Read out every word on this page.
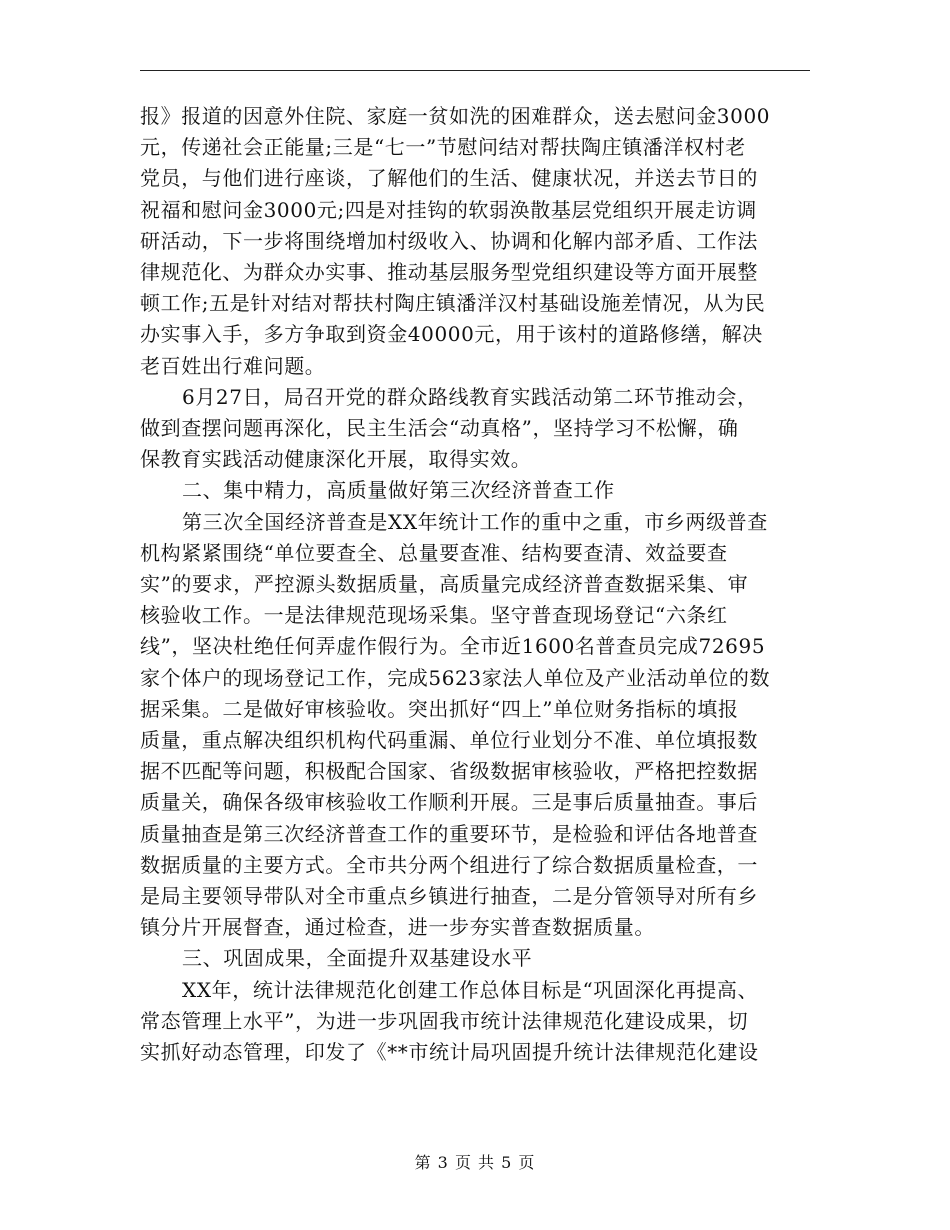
报》报道的因意外住院、家庭一贫如洗的困难群众，送去慰问金3000
元，传递社会正能量;三是“七一”节慰问结对帮扶陶庄镇潘洋权村老
党员，与他们进行座谈，了解他们的生活、健康状况，并送去节日的
祝福和慰问金3000元;四是对挂钩的软弱涣散基层党组织开展走访调
研活动，下一步将围绕增加村级收入、协调和化解内部矛盾、工作法
律规范化、为群众办实事、推动基层服务型党组织建设等方面开展整
顿工作;五是针对结对帮扶村陶庄镇潘洋汉村基础设施差情况，从为民
办实事入手，多方争取到资金40000元，用于该村的道路修缮，解决
老百姓出行难问题。

6月27日，局召开党的群众路线教育实践活动第二环节推动会，
做到查摆问题再深化，民主生活会“动真格”，坚持学习不松懈，确
保教育实践活动健康深化开展，取得实效。

二、集中精力，高质量做好第三次经济普查工作

第三次全国经济普查是XX年统计工作的重中之重，市乡两级普查
机构紧紧围绕“单位要查全、总量要查准、结构要查清、效益要查
实”的要求，严控源头数据质量，高质量完成经济普查数据采集、审
核验收工作。一是法律规范现场采集。坚守普查现场登记“六条红
线”，坚决杜绝任何弄虚作假行为。全市近1600名普查员完成72695
家个体户的现场登记工作，完成5623家法人单位及产业活动单位的数
据采集。二是做好审核验收。突出抓好“四上”单位财务指标的填报
质量，重点解决组织机构代码重漏、单位行业划分不准、单位填报数
据不匹配等问题，积极配合国家、省级数据审核验收，严格把控数据
质量关，确保各级审核验收工作顺利开展。三是事后质量抽查。事后
质量抽查是第三次经济普查工作的重要环节，是检验和评估各地普查
数据质量的主要方式。全市共分两个组进行了综合数据质量检查，一
是局主要领导带队对全市重点乡镇进行抽查，二是分管领导对所有乡
镇分片开展督查，通过检查，进一步夯实普查数据质量。

三、巩固成果，全面提升双基建设水平

XX年，统计法律规范化创建工作总体目标是“巩固深化再提高、
常态管理上水平”，为进一步巩固我市统计法律规范化建设成果，切
实抓好动态管理，印发了《**市统计局巩固提升统计法律规范化建设

第 3 页 共 5 页
